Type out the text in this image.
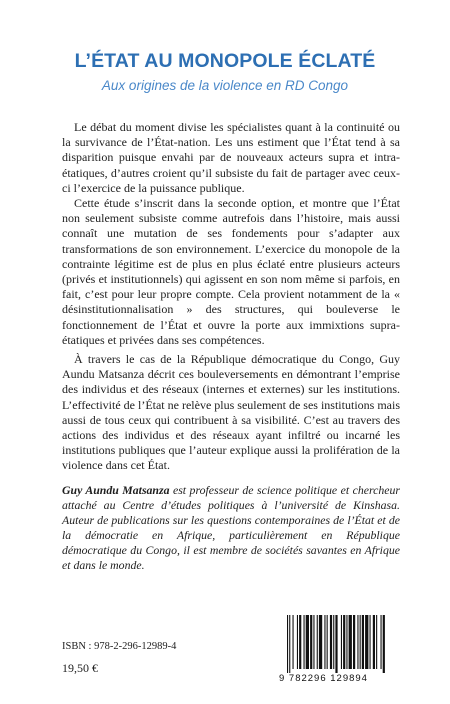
L’ÉTAT AU MONOPOLE ÉCLATÉ
Aux origines de la violence en RD Congo

Le débat du moment divise les spécialistes quant à la continuité ou la survivance de l’État-nation. Les uns estiment que l’État tend à sa disparition puisque envahi par de nouveaux acteurs supra et intra-étatiques, d’autres croient qu’il subsiste du fait de partager avec ceux-ci l’exercice de la puissance publique.

Cette étude s’inscrit dans la seconde option, et montre que l’État non seulement subsiste comme autrefois dans l’histoire, mais aussi connaît une mutation de ses fondements pour s’adapter aux transformations de son environnement. L’exercice du monopole de la contrainte légitime est de plus en plus éclaté entre plusieurs acteurs (privés et institutionnels) qui agissent en son nom même si parfois, en fait, c’est pour leur propre compte. Cela provient notamment de la « désinstitutionnalisation » des structures, qui bouleverse le fonctionnement de l’État et ouvre la porte aux immixtions supra-étatiques et privées dans ses compétences.

À travers le cas de la République démocratique du Congo, Guy Aundu Matsanza décrit ces bouleversements en démontrant l’emprise des individus et des réseaux (internes et externes) sur les institutions. L’effectivité de l’État ne relève plus seulement de ses institutions mais aussi de tous ceux qui contribuent à sa visibilité. C’est au travers des actions des individus et des réseaux ayant infiltré ou incarné les institutions publiques que l’auteur explique aussi la prolifération de la violence dans cet État.

Guy Aundu Matsanza est professeur de science politique et chercheur attaché au Centre d’études politiques à l’université de Kinshasa. Auteur de publications sur les questions contemporaines de l’État et de la démocratie en Afrique, particulièrement en République démocratique du Congo, il est membre de sociétés savantes en Afrique et dans le monde.
ISBN : 978-2-296-12989-4
19,50 €
9 782296 129894
